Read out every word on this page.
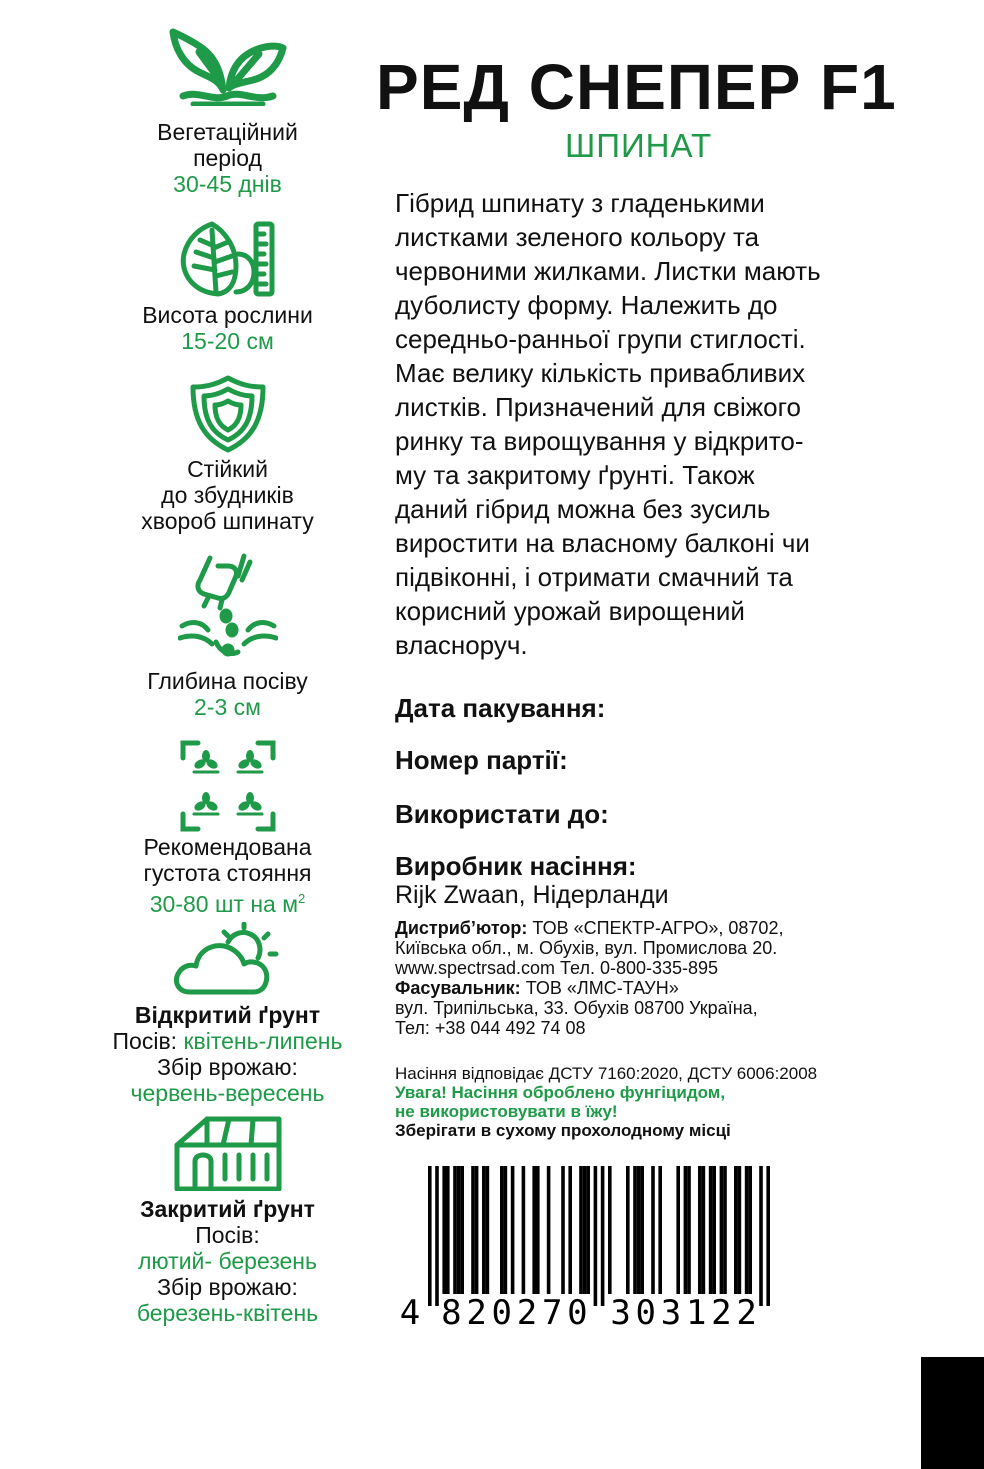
Вегетаційний
період
30-45 днів
Висота рослини
15-20 см
Стійкий
до збудників
хвороб шпинату
Глибина посіву
2-3 см
Рекомендована
густота стояння
30-80 шт на $м^2$
Відкритий ґрунт
Посів: квітень-липень
Збір врожаю:
червень-вересень
Закритий ґрунт
Посів:
лютий- березень
Збір врожаю:
березень-квітень
РЕД СНЕПЕР F1
ШПИНАТ
Гібрид шпинату з гладенькими
листками зеленого кольору та
червоними жилками. Листки мають
дуболисту форму. Належить до
середньо-ранньої групи стиглості.
Має велику кількість привабливих
листків. Призначений для свіжого
ринку та вирощування у відкрито-
му та закритому ґрунті. Також
даний гібрид можна без зусиль
виростити на власному балконі чи
підвіконні, і отримати смачний та
корисний урожай вирощений
власноруч.
Дата пакування:
Номер партії:
Використати до:
Виробник насіння:
Rijk Zwaan, Нідерланди
Дистриб’ютор: ТОВ «СПЕКТР-АГРО», 08702,
Київська обл., м. Обухів, вул. Промислова 20.
www.spectrsad.com Тел. 0-800-335-895
Фасувальник: ТОВ «ЛМС-ТАУН»
вул. Трипільська, 33. Обухів 08700 Україна,
Тел: +38 044 492 74 08
Насіння відповідає ДСТУ 7160:2020, ДСТУ 6006:2008
Увага! Насіння оброблено фунгіцидом,
не використовувати в їжу!
Зберігати в сухому прохолодному місці
4 8 2 0 2 7 0 3 0 3 1 2 2
